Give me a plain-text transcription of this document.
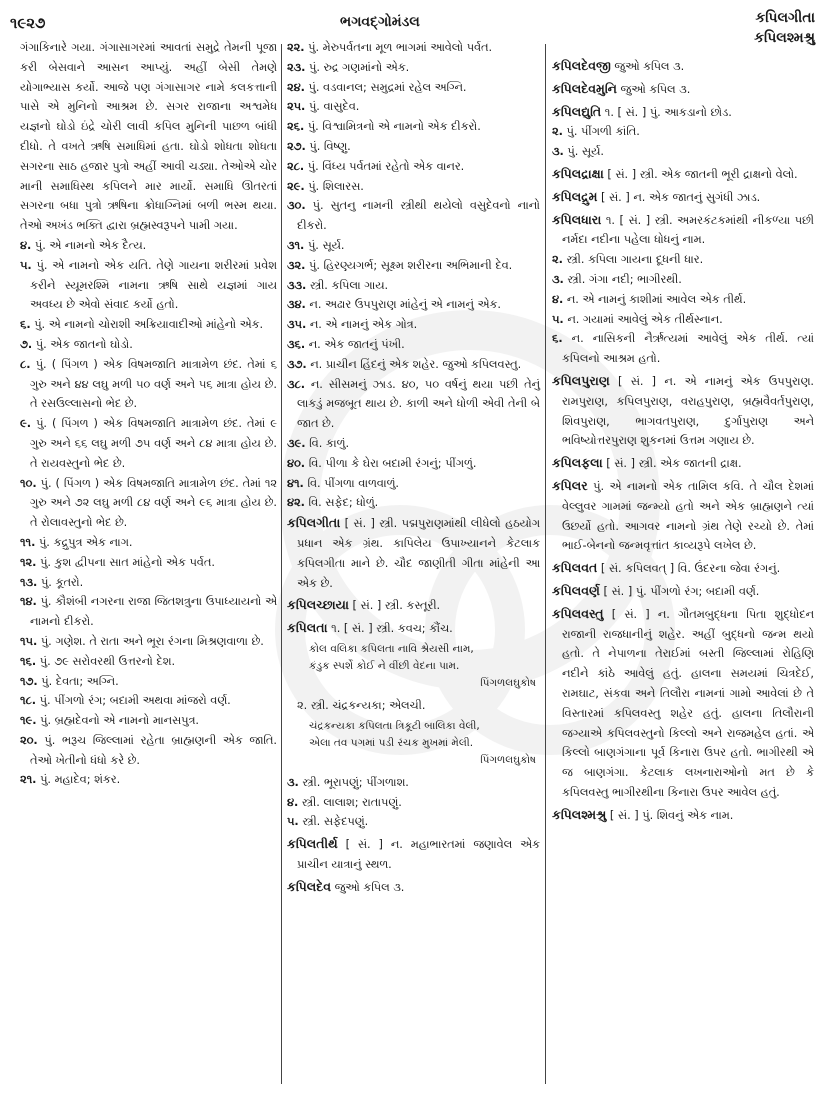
૧૯૨૭	ભગવદ્ગોમંડલ	કપિલગીતા
કપિલશ્મશ્રુ

ગંગાકિનારે ગયા. ગંગાસાગરમાં આવતાં સમુદ્રે તેમની પૂજા કરી બેસવાને આસન આપ્યું. અહીં બેસી તેમણે યોગાભ્યાસ કર્યો. આજે પણ ગંગાસાગર નામે કલકત્તાની પાસે એ મુનિનો આશ્રમ છે. સગર રાજાના અશ્વમેધ યજ્ઞનો ઘોડો ઇંદ્રે ચોરી લાવી કપિલ મુનિની પાછળ બાંધી દીધો. તે વખતે ઋષિ સમાધિમાં હતા. ઘોડો શોધતા શોધતા સગરના સાઠ હજાર પુત્રો અહીં આવી ચડ્યા. તેઓએ ચોર માની સમાધિસ્થ કપિલને માર માર્યો. સમાધિ ઊતરતાં સગરના બધા પુત્રો ઋષિના ક્રોધાગ્નિમાં બળી ભસ્મ થયા. તેઓ અખંડ ભક્તિ દ્વારા બ્રહ્મસ્વરૂપને પામી ગયા.

૪. પું. એ નામનો એક દૈત્ય.

૫. પું. એ નામનો એક યતિ. તેણે ગાયના શરીરમાં પ્રવેશ કરીને સ્યૂમરશ્મિ નામના ઋષિ સાથે યજ્ઞમાં ગાય અવધ્ય છે એવો સંવાદ કર્યો હતો.

૬. પું. એ નામનો ચોરાશી અક્રિયાવાદીઓ માંહેનો એક.

૭. પું. એક જાતનો ઘોડો.

૮. પું. ( પિંગળ ) એક વિષમજાતિ માત્રામેળ છંદ. તેમાં ૬ ગુરુ અને ૪૪ લઘુ મળી ૫૦ વર્ણ અને ૫૬ માત્રા હોય છે. તે રસઉલ્લાસનો ભેદ છે.

૯. પું. ( પિંગળ ) એક વિષમજાતિ માત્રામેળ છંદ. તેમાં ૯ ગુરુ અને ૬૬ લઘુ મળી ૭૫ વર્ણ અને ૮૪ માત્રા હોય છે. તે રાયવસ્તુનો ભેદ છે.

૧૦. પું. ( પિંગળ ) એક વિષમજાતિ માત્રામેળ છંદ. તેમાં ૧૨ ગુરુ અને ૭૨ લઘુ મળી ૮૪ વર્ણ અને ૯૬ માત્રા હોય છે. તે રોલાવસ્તુનો ભેદ છે.

૧૧. પું. કદ્રુપુત્ર એક નાગ.

૧૨. પું. કુશ દ્વીપના સાત માંહેનો એક પર્વત.

૧૩. પું. કૂતરો.

૧૪. પું. કૌશંબી નગરના રાજા જિતશત્રુના ઉપાધ્યાયનો એ નામનો દીકરો.

૧૫. પું. ગણેશ. તે રાતા અને ભૂરા રંગના મિશ્રણવાળા છે.

૧૬. પું. ૭૯ સરોવરથી ઉત્તરનો દેશ.

૧૭. પું. દેવતા; અગ્નિ.

૧૮. પું. પીંગળો રંગ; બદામી અથવા માંજરો વર્ણ.

૧૯. પું. બ્રહ્મદેવનો એ નામનો માનસપુત્ર.

૨૦. પું. ભરૂચ જિલ્લામાં રહેતા બ્રાહ્મણની એક જાતિ. તેઓ ખેતીનો ધંધો કરે છે.

૨૧. પું. મહાદેવ; શંકર.

૨૨. પું. મેરુપર્વતના મૂળ ભાગમાં આવેલો પર્વત.

૨૩. પું. રુદ્ર ગણમાંનો એક.

૨૪. પું. વડવાનલ; સમુદ્રમાં રહેલ અગ્નિ.

૨૫. પું. વાસુદેવ.

૨૬. પું. વિશ્વામિત્રનો એ નામનો એક દીકરો.

૨૭. પું. વિષ્ણુ.

૨૮. પું. વિંધ્ય પર્વતમાં રહેતો એક વાનર.

૨૯. પું. શિલારસ.

૩૦. પું. સુતનુ નામની સ્ત્રીથી થયેલો વસુદેવનો નાનો દીકરો.

૩૧. પું. સૂર્ય.

૩૨. પું. હિરણ્યગર્ભ; સૂક્ષ્મ શરીરના અભિમાની દેવ.

૩૩. સ્ત્રી. કપિલા ગાય.

૩૪. ન. અઢાર ઉપપુરાણ માંહેનું એ નામનું એક.

૩૫. ન. એ નામનું એક ગોત્ર.

૩૬. ન. એક જાતનું પંખી.

૩૭. ન. પ્રાચીન હિંદનું એક શહેર. જુઓ કપિલવસ્તુ.

૩૮. ન. સીસમનું ઝાડ. ૪૦, ૫૦ વર્ષનું થયા પછી તેનું લાકડું મજબૂત થાય છે. કાળી અને ધોળી એવી તેની બે જાત છે.

૩૯. વિ. કાળું.

૪૦. વિ. પીળા કે ઘેરા બદામી રંગનું; પીંગળું.

૪૧. વિ. પીંગળા વાળવાળું.

૪૨. વિ. સફેદ; ધોળું.

કપિલગીતા [ સં. ] સ્ત્રી. પદ્મપુરાણમાંથી લીધેલો હઠયોગ પ્રધાન એક ગ્રંથ. કાપિલેય ઉપાખ્યાનને કેટલાક કપિલગીતા માને છે. ચૌદ જાણીતી ગીતા માંહેની આ એક છે.

કપિલચ્છાયા [ સં. ] સ્ત્રી. કસ્તૂરી.

કપિલતા ૧. [ સં. ] સ્ત્રી. કવચ; કૌંચ.

કોલ વલિકા કપિલતા નાવિ શ્રેયસી નામ,
કંડુક સ્પર્શે કોઈ ને વીંછી વેદના પામ.
પિંગળલઘુકોષ

૨. સ્ત્રી. ચંદ્રકન્યકા; એલચી.

ચંદ્રકન્યકા કપિલતા ત્રિકૂટી બાલિકા વેલી,
એલા તવ પગમાં પડી રંચક મુખમાં મેલી.
પિંગળલઘુકોષ

૩. સ્ત્રી. ભૂરાપણું; પીંગળાશ.

૪. સ્ત્રી. લાલાશ; રાતાપણું.

૫. સ્ત્રી. સફેદપણું.

કપિલતીર્થ [ સં. ] ન. મહાભારતમાં જણાવેલ એક પ્રાચીન યાત્રાનું સ્થળ.

કપિલદેવ જુઓ કપિલ ૩.

કપિલદેવજી જુઓ કપિલ ૩.

કપિલદેવમુનિ જુઓ કપિલ ૩.

કપિલદ્યુતિ ૧. [ સં. ] પું. આકડાનો છોડ.

૨. પું. પીંગળી કાંતિ.

૩. પું. સૂર્ય.

કપિલદ્રાક્ષા [ સં. ] સ્ત્રી. એક જાતની ભૂરી દ્રાક્ષનો વેલો.

કપિલદ્રુમ [ સં. ] ન. એક જાતનું સુગંધી ઝાડ.

કપિલધારા ૧. [ સં. ] સ્ત્રી. અમરકંટકમાંથી નીકળ્યા પછી નર્મદા નદીના પહેલા ધોધનું નામ.

૨. સ્ત્રી. કપિલા ગાયના દૂધની ધાર.

૩. સ્ત્રી. ગંગા નદી; ભાગીરથી.

૪. ન. એ નામનું કાશીમાં આવેલ એક તીર્થ.

૫. ન. ગયામાં આવેલું એક તીર્થસ્નાન.

૬. ન. નાસિકની નૈર્ઋત્યમાં આવેલું એક તીર્થ. ત્યાં કપિલનો આશ્રમ હતો.

કપિલપુરાણ [ સં. ] ન. એ નામનું એક ઉપપુરાણ. રામપુરાણ, કપિલપુરાણ, વરાહપુરાણ, બ્રહ્મવૈવર્તપુરાણ, શિવપુરાણ, ભાગવતપુરાણ, દુર્ગાપુરાણ અને ભવિષ્યોત્તરપુરાણ શુકનમાં ઉત્તમ ગણાય છે.

કપિલફલા [ સં. ] સ્ત્રી. એક જાતની દ્રાક્ષ.

કપિલર પું. એ નામનો એક તામિલ કવિ. તે ચૌલ દેશમાં વેલ્લુવર ગામમાં જન્મ્યો હતો અને એક બ્રાહ્મણને ત્યાં ઉછર્યો હતો. આગવર નામનો ગ્રંથ તેણે રચ્યો છે. તેમાં ભાઈ-બેનનો જન્મવૃત્તાંત કાવ્યરૂપે લખેલ છે.

કપિલવત [ સં. કપિલવત્ ] વિ. ઉંદરના જેવા રંગનું.

કપિલવર્ણ [ સં. ] પું. પીંગળો રંગ; બદામી વર્ણ.

કપિલવસ્તુ [ સં. ] ન. ગૌતમબુદ્ધના પિતા શુદ્ધોદન રાજાની રાજધાનીનું શહેર. અહીં બુદ્ધનો જન્મ થયો હતો. તે નેપાળના તેરાઈમાં બસ્તી જિલ્લામાં રોહિણિ નદીને કાંઠે આવેલું હતું. હાલના સમયમાં ચિત્રદેઈ, રામઘાટ, સંકવા અને તિલૌરા નામનાં ગામો આવેલાં છે તે વિસ્તારમાં કપિલવસ્તુ શહેર હતું. હાલના તિલૌરાની જગ્યાએ કપિલવસ્તુનો કિલ્લો અને રાજમહેલ હતાં. એ કિલ્લો બાણગંગાના પૂર્વ કિનારા ઉપર હતો. ભાગીરથી એ જ બાણગંગા. કેટલાક લખનારાઓનો મત છે કે કપિલવસ્તુ ભાગીરથીના કિનારા ઉપર આવેલ હતું.

કપિલશ્મશ્રુ [ સં. ] પું. શિવનું એક નામ.
